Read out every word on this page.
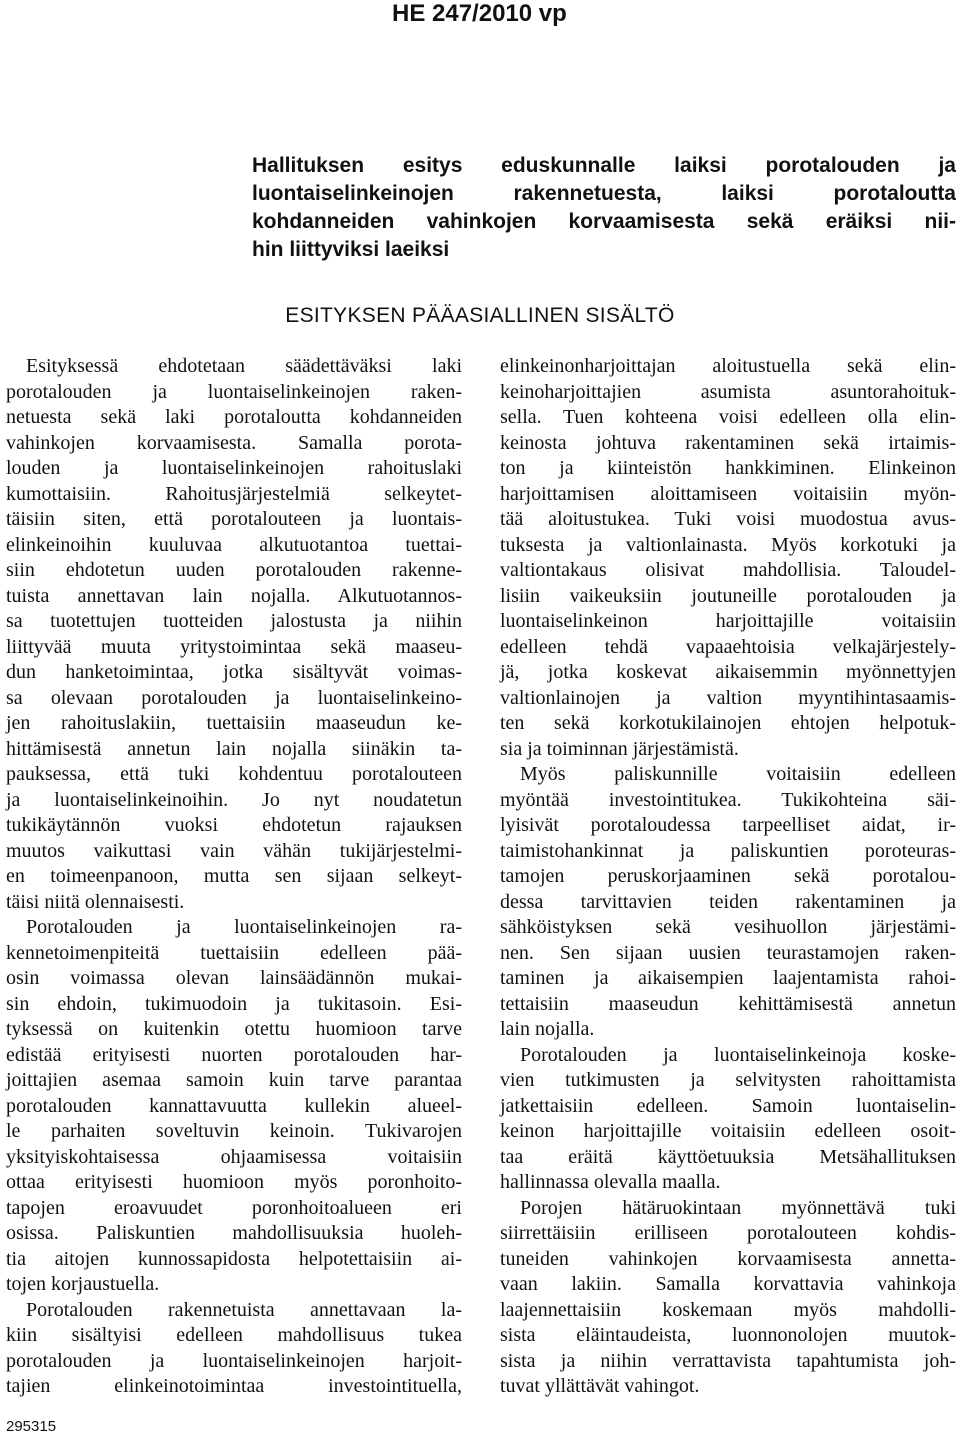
HE 247/2010 vp
Hallituksen esitys eduskunnalle laiksi porotalouden ja
luontaiselinkeinojen rakennetuesta, laiksi porotaloutta
kohdanneiden vahinkojen korvaamisesta sekä eräiksi nii-
hin liittyviksi laeiksi
ESITYKSEN PÄÄASIALLINEN SISÄLTÖ

Esityksessä ehdotetaan säädettäväksi laki
porotalouden ja luontaiselinkeinojen raken-
netuesta sekä laki porotaloutta kohdanneiden
vahinkojen korvaamisesta. Samalla porota-
louden ja luontaiselinkeinojen rahoituslaki
kumottaisiin. Rahoitusjärjestelmiä selkeytet-
täisiin siten, että porotalouteen ja luontais-
elinkeinoihin kuuluvaa alkutuotantoa tuettai-
siin ehdotetun uuden porotalouden rakenne-
tuista annettavan lain nojalla. Alkutuotannos-
sa tuotettujen tuotteiden jalostusta ja niihin
liittyvää muuta yritystoimintaa sekä maaseu-
dun hanketoimintaa, jotka sisältyvät voimas-
sa olevaan porotalouden ja luontaiselinkeino-
jen rahoituslakiin, tuettaisiin maaseudun ke-
hittämisestä annetun lain nojalla siinäkin ta-
pauksessa, että tuki kohdentuu porotalouteen
ja luontaiselinkeinoihin. Jo nyt noudatetun
tukikäytännön vuoksi ehdotetun rajauksen
muutos vaikuttasi vain vähän tukijärjestelmi-
en toimeenpanoon, mutta sen sijaan selkeyt-
täisi niitä olennaisesti.

Porotalouden ja luontaiselinkeinojen ra-
kennetoimenpiteitä tuettaisiin edelleen pää-
osin voimassa olevan lainsäädännön mukai-
sin ehdoin, tukimuodoin ja tukitasoin. Esi-
tyksessä on kuitenkin otettu huomioon tarve
edistää erityisesti nuorten porotalouden har-
joittajien asemaa samoin kuin tarve parantaa
porotalouden kannattavuutta kullekin alueel-
le parhaiten soveltuvin keinoin. Tukivarojen
yksityiskohtaisessa ohjaamisessa voitaisiin
ottaa erityisesti huomioon myös poronhoito-
tapojen eroavuudet poronhoitoalueen eri
osissa. Paliskuntien mahdollisuuksia huoleh-
tia aitojen kunnossapidosta helpotettaisiin ai-
tojen korjaustuella.

Porotalouden rakennetuista annettavaan la-
kiin sisältyisi edelleen mahdollisuus tukea
porotalouden ja luontaiselinkeinojen harjoit-
tajien elinkeinotoimintaa investointituella,

elinkeinonharjoittajan aloitustuella sekä elin-
keinoharjoittajien asumista asuntorahoituk-
sella. Tuen kohteena voisi edelleen olla elin-
keinosta johtuva rakentaminen sekä irtaimis-
ton ja kiinteistön hankkiminen. Elinkeinon
harjoittamisen aloittamiseen voitaisiin myön-
tää aloitustukea. Tuki voisi muodostua avus-
tuksesta ja valtionlainasta. Myös korkotuki ja
valtiontakaus olisivat mahdollisia. Taloudel-
lisiin vaikeuksiin joutuneille porotalouden ja
luontaiselinkeinon harjoittajille voitaisiin
edelleen tehdä vapaaehtoisia velkajärjestely-
jä, jotka koskevat aikaisemmin myönnettyjen
valtionlainojen ja valtion myyntihintasaamis-
ten sekä korkotukilainojen ehtojen helpotuk-
sia ja toiminnan järjestämistä.

Myös paliskunnille voitaisiin edelleen
myöntää investointitukea. Tukikohteina säi-
lyisivät porotaloudessa tarpeelliset aidat, ir-
taimistohankinnat ja paliskuntien poroteuras-
tamojen peruskorjaaminen sekä porotalou-
dessa tarvittavien teiden rakentaminen ja
sähköistyksen sekä vesihuollon järjestämi-
nen. Sen sijaan uusien teurastamojen raken-
taminen ja aikaisempien laajentamista rahoi-
tettaisiin maaseudun kehittämisestä annetun
lain nojalla.

Porotalouden ja luontaiselinkeinoja koske-
vien tutkimusten ja selvitysten rahoittamista
jatkettaisiin edelleen. Samoin luontaiselin-
keinon harjoittajille voitaisiin edelleen osoit-
taa eräitä käyttöetuuksia Metsähallituksen
hallinnassa olevalla maalla.

Porojen hätäruokintaan myönnettävä tuki
siirrettäisiin erilliseen porotalouteen kohdis-
tuneiden vahinkojen korvaamisesta annetta-
vaan lakiin. Samalla korvattavia vahinkoja
laajennettaisiin koskemaan myös mahdolli-
sista eläintaudeista, luonnonolojen muutok-
sista ja niihin verrattavista tapahtumista joh-
tuvat yllättävät vahingot.

295315
